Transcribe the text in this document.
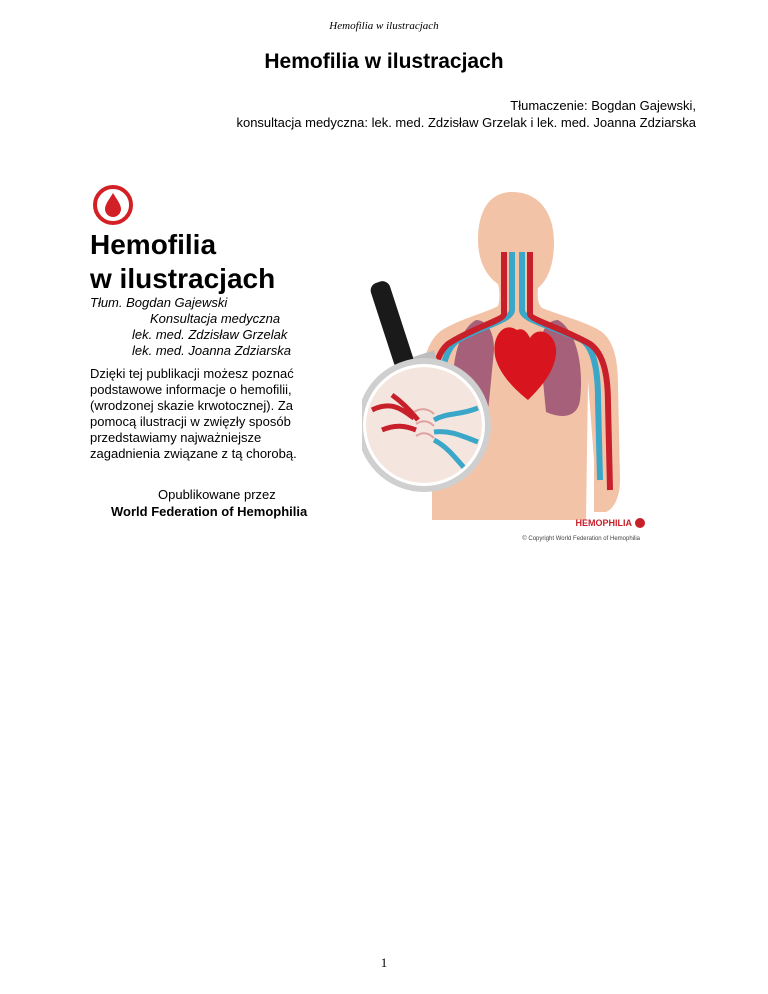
Hemofilia w ilustracjach
Hemofilia w ilustracjach
Tłumaczenie: Bogdan Gajewski,
konsultacja medyczna: lek. med. Zdzisław Grzelak i lek. med. Joanna Zdziarska
Hemofilia
w ilustracjach
Tłum. Bogdan Gajewski
Konsultacja medyczna
lek. med. Zdzisław Grzelak
lek. med. Joanna Zdziarska
Dzięki tej publikacji możesz poznać
podstawowe informacje o hemofilii,
(wrodzonej skazie krwotocznej). Za
pomocą ilustracji w zwięzły sposób
przedstawiamy najważniejsze
zagadnienia związane z tą chorobą.
Opublikowane przez
World Federation of Hemophilia
HEMOPHILIA
© Copyright World Federation of Hemophilia
1
